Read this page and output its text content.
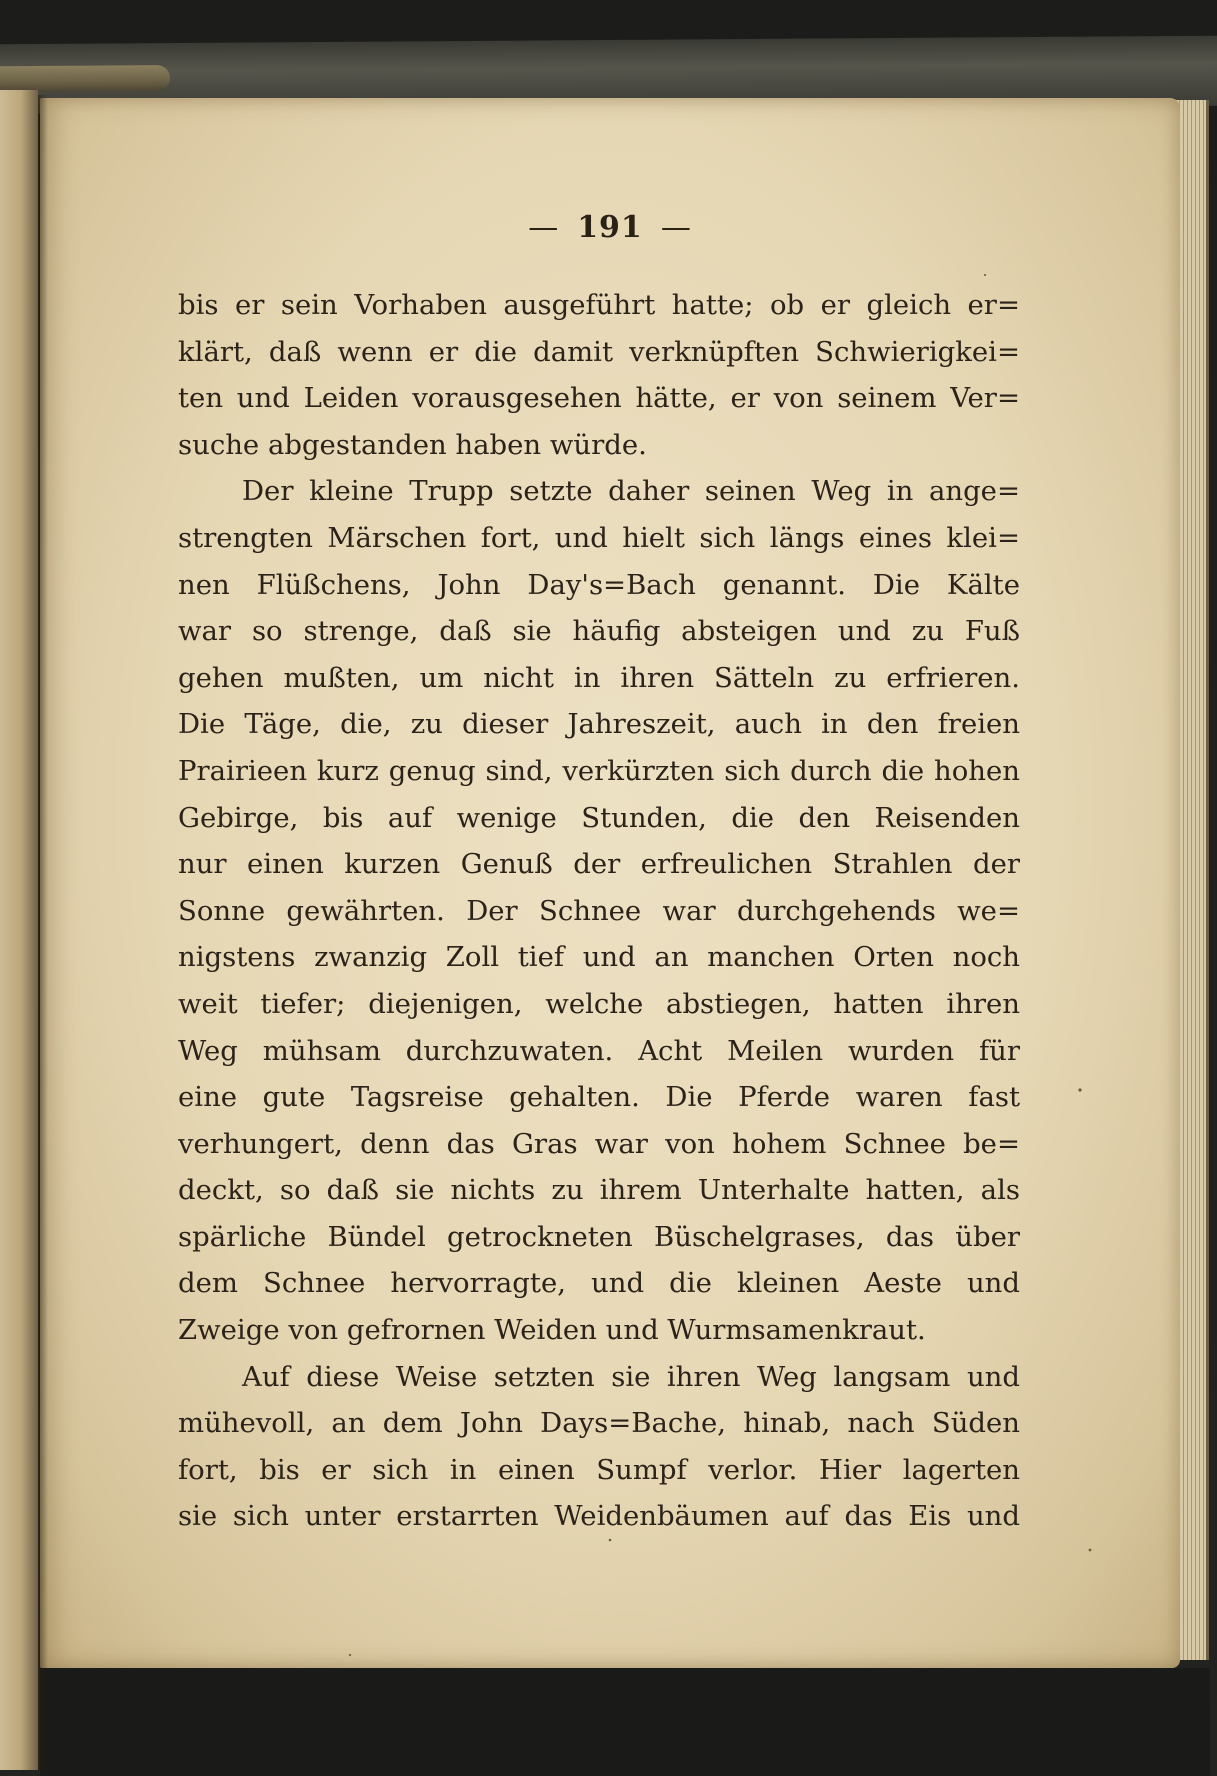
— 191 —
bis er sein Vorhaben ausgeführt hatte; ob er gleich er=
klärt, daß wenn er die damit verknüpften Schwierigkei=
ten und Leiden vorausgesehen hätte, er von seinem Ver=
suche abgestanden haben würde.
Der kleine Trupp setzte daher seinen Weg in ange=
strengten Märschen fort, und hielt sich längs eines klei=
nen Flüßchens, John Day's=Bach genannt. Die Kälte
war so strenge, daß sie häufig absteigen und zu Fuß
gehen mußten, um nicht in ihren Sätteln zu erfrieren.
Die Täge, die, zu dieser Jahreszeit, auch in den freien
Prairieen kurz genug sind, verkürzten sich durch die hohen
Gebirge, bis auf wenige Stunden, die den Reisenden
nur einen kurzen Genuß der erfreulichen Strahlen der
Sonne gewährten. Der Schnee war durchgehends we=
nigstens zwanzig Zoll tief und an manchen Orten noch
weit tiefer; diejenigen, welche abstiegen, hatten ihren
Weg mühsam durchzuwaten. Acht Meilen wurden für
eine gute Tagsreise gehalten. Die Pferde waren fast
verhungert, denn das Gras war von hohem Schnee be=
deckt, so daß sie nichts zu ihrem Unterhalte hatten, als
spärliche Bündel getrockneten Büschelgrases, das über
dem Schnee hervorragte, und die kleinen Aeste und
Zweige von gefrornen Weiden und Wurmsamenkraut.
Auf diese Weise setzten sie ihren Weg langsam und
mühevoll, an dem John Days=Bache, hinab, nach Süden
fort, bis er sich in einen Sumpf verlor. Hier lagerten
sie sich unter erstarrten Weidenbäumen auf das Eis und
